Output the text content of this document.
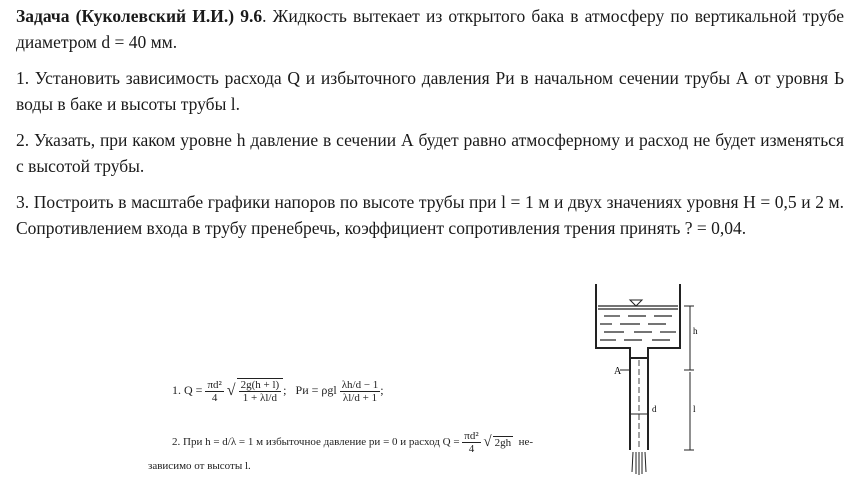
Задача (Куколевский И.И.) 9.6. Жидкость вытекает из открытого бака в атмосферу по вертикальной трубе диаметром d = 40 мм.

1. Установить зависимость расхода Q и избыточного давления Pи в начальном сечении трубы А от уровня Ь воды в баке и высоты трубы l.

2. Указать, при каком уровне h давление в сечении А будет равно атмосферному и расход не будет изменяться с высотой трубы.

3. Построить в масштабе графики напоров по высоте трубы при l = 1 м и двух значениях уровня H = 0,5 и 2 м. Сопротивлением входа в трубу пренебречь, коэффициент сопротивления трения принять ? = 0,04.

1. $Q = \frac{\text{πd²}}{4}$ √ $\frac{2g(h + l)}{1 + \lambda l/d}$ ; Pи = ρgl $\frac{\lambda h/d - 1}{\lambda l/d + 1}$ ;
2. При h = d/λ = 1 м избыточное давление pи = 0 и расход $Q = \frac{\text{πd²}}{4}$ √ 2gh не-
зависимо от высоты l.
A
h
l
d
